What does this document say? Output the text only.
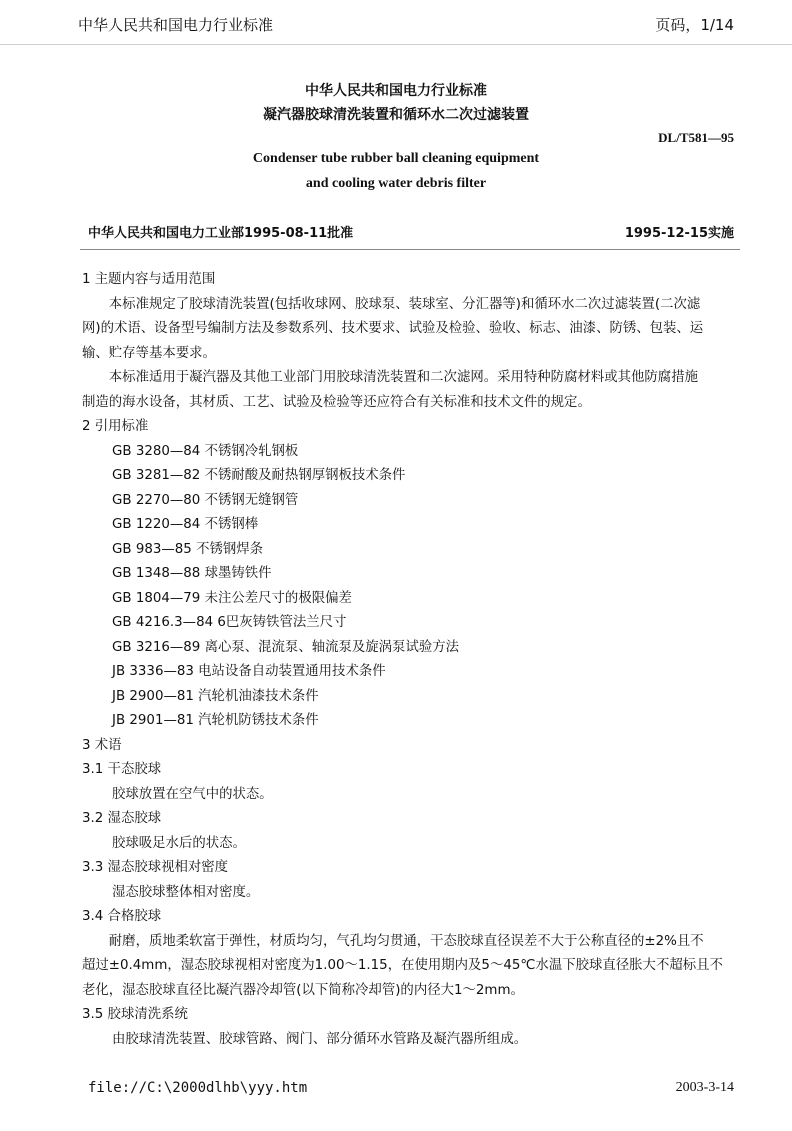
中华人民共和国电力行业标准	页码，1/14
中华人民共和国电力行业标准
凝汽器胶球清洗装置和循环水二次过滤装置
DL/T581—95
Condenser tube rubber ball cleaning equipment
and cooling water debris filter
中华人民共和国电力工业部1995-08-11批准	1995-12-15实施

1 主题内容与适用范围

本标准规定了胶球清洗装置(包括收球网、胶球泵、装球室、分汇器等)和循环水二次过滤装置(二次滤

网)的术语、设备型号编制方法及参数系列、技术要求、试验及检验、验收、标志、油漆、防锈、包装、运

输、贮存等基本要求。

本标准适用于凝汽器及其他工业部门用胶球清洗装置和二次滤网。采用特种防腐材料或其他防腐措施

制造的海水设备，其材质、工艺、试验及检验等还应符合有关标准和技术文件的规定。

2 引用标准

GB 3280—84 不锈钢冷轧钢板

GB 3281—82 不锈耐酸及耐热钢厚钢板技术条件

GB 2270—80 不锈钢无缝钢管

GB 1220—84 不锈钢棒

GB 983—85 不锈钢焊条

GB 1348—88 球墨铸铁件

GB 1804—79 未注公差尺寸的极限偏差

GB 4216.3—84 6巴灰铸铁管法兰尺寸

GB 3216—89 离心泵、混流泵、轴流泵及旋涡泵试验方法

JB 3336—83 电站设备自动装置通用技术条件

JB 2900—81 汽轮机油漆技术条件

JB 2901—81 汽轮机防锈技术条件

3 术语

3.1 干态胶球

胶球放置在空气中的状态。

3.2 湿态胶球

胶球吸足水后的状态。

3.3 湿态胶球视相对密度

湿态胶球整体相对密度。

3.4 合格胶球

耐磨，质地柔软富于弹性，材质均匀，气孔均匀贯通，干态胶球直径误差不大于公称直径的±2%且不

超过±0.4mm，湿态胶球视相对密度为1.00～1.15，在使用期内及5～45℃水温下胶球直径胀大不超标且不

老化，湿态胶球直径比凝汽器冷却管(以下简称冷却管)的内径大1～2mm。

3.5 胶球清洗系统

由胶球清洗装置、胶球管路、阀门、部分循环水管路及凝汽器所组成。

file://C:\2000dlhb\yyy.htm	2003-3-14
